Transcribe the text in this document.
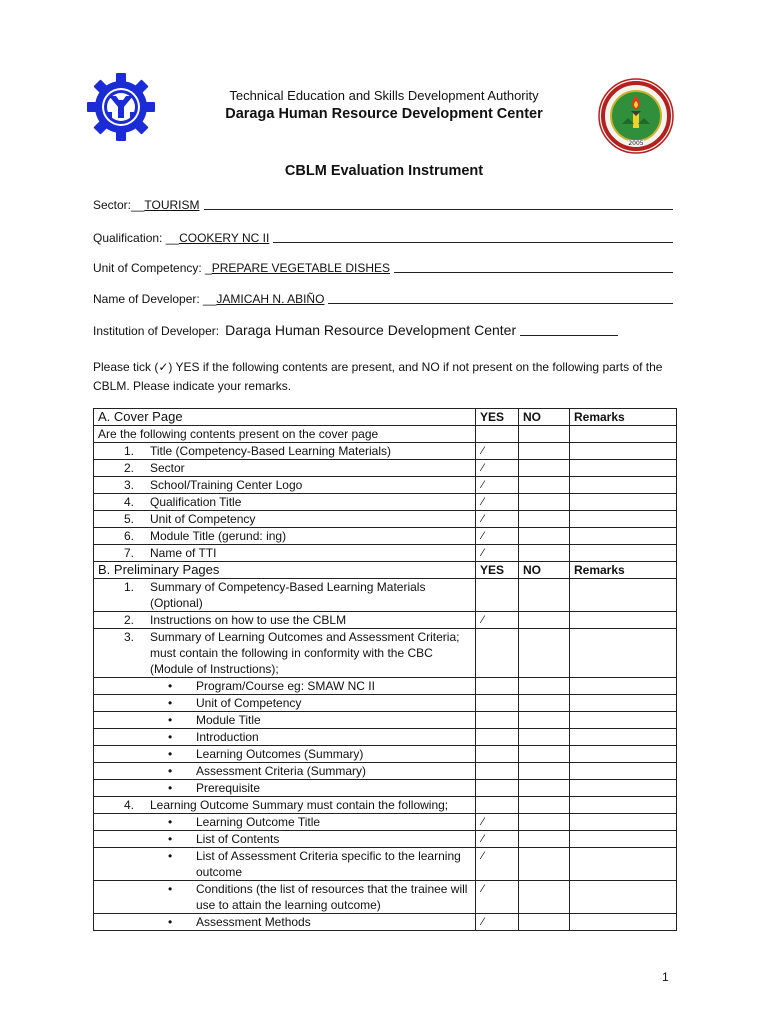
2005
Technical Education and Skills Development Authority
Daraga Human Resource Development Center
CBLM Evaluation Instrument
Sector:__ TOURISM
Qualification: __ COOKERY NC II
Unit of Competency: _ PREPARE VEGETABLE DISHES
Name of Developer: __ JAMICAH N. ABIÑO
Institution of Developer: Daraga Human Resource Development Center
Please tick (✓) YES if the following contents are present, and NO if not present on the following parts of the CBLM. Please indicate your remarks.
A. Cover Page	YES	NO	Remarks
Are the following contents present on the cover page			

1. Title (Competency-Based Learning Materials)	⁄		

2. Sector	⁄		

3. School/Training Center Logo	⁄		

4. Qualification Title	⁄		

5. Unit of Competency	⁄		

6. Module Title (gerund: ing)	⁄		

7. Name of TTI	⁄		
B. Preliminary Pages	YES	NO	Remarks

1. Summary of Competency-Based Learning Materials (Optional)			

2. Instructions on how to use the CBLM	⁄		

3. Summary of Learning Outcomes and Assessment Criteria; must contain the following in conformity with the CBC (Module of Instructions);			

• Program/Course eg: SMAW NC II			

• Unit of Competency			

• Module Title			

• Introduction			

• Learning Outcomes (Summary)			

• Assessment Criteria (Summary)			

• Prerequisite			

4. Learning Outcome Summary must contain the following;			

• Learning Outcome Title	⁄		

• List of Contents	⁄		

• List of Assessment Criteria specific to the learning outcome	⁄		

• Conditions (the list of resources that the trainee will use to attain the learning outcome)	⁄		

• Assessment Methods	⁄		
1
